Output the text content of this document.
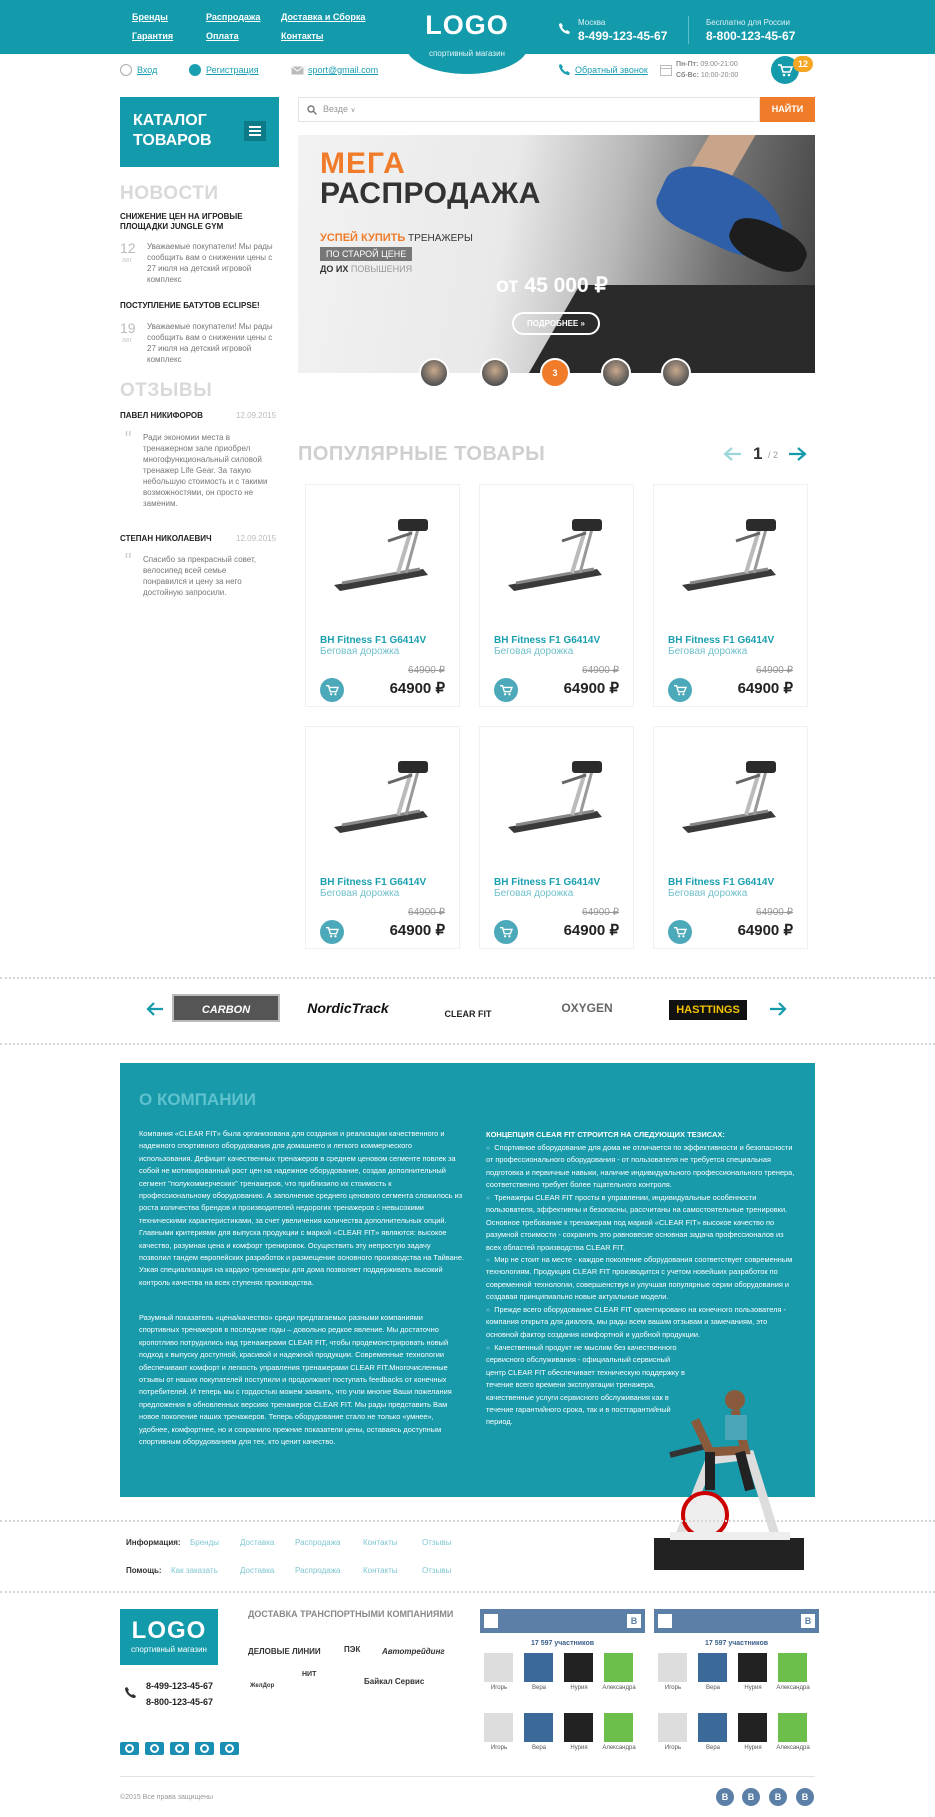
Бренды	Распродажа Доставка и Сборка
Гарантия	Оплата	Контакты	LOGO
спортивный магазин
Москва
8-499-123-45-67
Бесплатно для России
8-800-123-45-67
Вход	Регистрация	sport@gmail.com	Обратный звонок
Пн-Пт: 09:00-21:00
Сб-Вс: 10:00-20:00
12
КАТАЛОГ ТОВАРОВ
НОВОСТИ
СНИЖЕНИЕ ЦЕН НА ИГРОВЫЕ ПЛОЩАДКИ JUNGLE GYM
12
авг
Уважаемые покупатели! Мы рады сообщить вам о снижении цены с 27 июля на детский игровой комплекс
ПОСТУПЛЕНИЕ БАТУТОВ ECLIPSE!
19
авг
Уважаемые покупатели! Мы рады сообщить вам о снижении цены с 27 июля на детский игровой комплекс
ОТЗЫВЫ
ПАВЕЛ НИКИФОРОВ	12.09.2015
" Ради экономии места в тренажерном зале приобрел многофункциональный силовой тренажер Life Gear. За такую небольшую стоимость и с такими возможностями, он просто не заменим.
СТЕПАН НИКОЛАЕВИЧ	12.09.2015
" Спасибо за прекрасный совет, велосипед всей семье понравился и цену за него достойную запросили.
Везде ∨	НАЙТИ
МЕГА
РАСПРОДАЖА
УСПЕЙ КУПИТЬ ТРЕНАЖЕРЫ
ПО СТАРОЙ ЦЕНЕ
ДО ИХ ПОВЫШЕНИЯ
от 45 000 ₽
ПОДРОБНЕЕ »
3
ПОПУЛЯРНЫЕ ТОВАРЫ	1 / 2
BH Fitness F1 G6414V
Беговая дорожка
64900 ₽
64900 ₽
BH Fitness F1 G6414V
Беговая дорожка
64900 ₽
64900 ₽
BH Fitness F1 G6414V
Беговая дорожка
64900 ₽
64900 ₽
BH Fitness F1 G6414V
Беговая дорожка
64900 ₽
64900 ₽
BH Fitness F1 G6414V
Беговая дорожка
64900 ₽
64900 ₽
BH Fitness F1 G6414V
Беговая дорожка
64900 ₽
64900 ₽
CARBON	NordicTrack	CLEAR FIT	OXYGEN	HASTTINGS
О КОМПАНИИ
Компания «CLEAR FIT» была организована для создания и реализации качественного и надежного спортивного оборудования для домашнего и легкого коммерческого использования. Дефицит качественных тренажеров в среднем ценовом сегменте повлек за собой не мотивированный рост цен на надежное оборудование, создав дополнительный сегмент "полукоммерческих" тренажеров, что приблизило их стоимость к профессиональному оборудованию. А заполнение среднего ценового сегмента сложилось из роста количества брендов и производителей недорогих тренажеров с невысокими техническими характеристиками, за счет увеличения количества дополнительных опций. Главными критериями для выпуска продукции с маркой «CLEAR FIT» являются: высокое качество, разумная цена и комфорт тренировок. Осуществить эту непростую задачу позволил тандем европейских разработок и размещение основного производства на Тайване. Узкая специализация на кардио-тренажеры для дома позволяет поддерживать высокий контроль качества на всех ступенях производства.
Разумный показатель «цена/качество» среди предлагаемых разными компаниями спортивных тренажеров в последние годы – довольно редкое явление. Мы достаточно кропотливо потрудились над тренажерами CLEAR FIT, чтобы продемонстрировать новый подход к выпуску доступной, красивой и надежной продукции. Современные технологии обеспечивают комфорт и легкость управления тренажерами CLEAR FIT.Многочисленные отзывы от наших покупателей поступили и продолжают поступать feedbacks от конечных потребителей. И теперь мы с гордостью можем заявить, что учли многие Ваши пожелания предложения в обновленных версиях тренажеров CLEAR FIT. Мы рады представить Вам новое поколение наших тренажеров. Теперь оборудование стало не только «умнее», удобнее, комфортнее, но и сохранило прежние показатели цены, оставаясь доступным спортивным оборудованием для тех, кто ценит качество.
КОНЦЕПЦИЯ CLEAR FIT СТРОИТСЯ НА СЛЕДУЮЩИХ ТЕЗИСАХ:
» Спортивное оборудование для дома не отличается по эффективности и безопасности от профессионального оборудования - от пользователя не требуется специальная подготовка и первичные навыки, наличие индивидуального профессионального тренера, соответственно требует более тщательного контроля.
» Тренажеры CLEAR FIT просты в управлении, индивидуальные особенности пользователя, эффективны и безопасны, рассчитаны на самостоятельные тренировки. Основное требование к тренажерам под маркой «CLEAR FIT» высокое качество по разумной стоимости - сохранить это равновесие основная задача профессионалов из всех областей производства CLEAR FIT.
» Мир не стоит на месте - каждое поколение оборудования соответствует современным технологиям. Продукция CLEAR FIT производится с учетом новейших разработок по современной технологии, совершенствуя и улучшая популярные серии оборудования и создавая принципиально новые актуальные модели.
» Прежде всего оборудование CLEAR FIT ориентировано на конечного пользователя - компания открыта для диалога, мы рады всем вашим отзывам и замечаниям, это основной фактор создания комфортной и удобной продукции.
» Качественный продукт не мыслим без качественного сервисного обслуживания - официальный сервисный центр CLEAR FIT обеспечивает техническую поддержку в течение всего времени эксплуатации тренажера, качественные услуги сервисного обслуживания как в течение гарантийного срока, так и в постгарантийный период.
Информация:	Бренды	Доставка	Распродажа	Контакты	Отзывы
Помощь:	Как заказать	Доставка	Распродажа	Контакты	Отзывы
LOGO
спортивный магазин
8-499-123-45-67
8-800-123-45-67
ДОСТАВКА ТРАНСПОРТНЫМИ КОМПАНИЯМИ
ДЕЛОВЫЕ ЛИНИИ	ПЭК	Автотрейдинг
ЖелДор
НИТ
Байкал Сервис
B
17 597 участников
Игорь	Вера	Нурия	Александра
Игорь	Вера	Нурия	Александра
B
17 597 участников
Игорь	Вера	Нурия	Александра
Игорь	Вера	Нурия	Александра
©2015 Все права защищены	B	B	B	B
